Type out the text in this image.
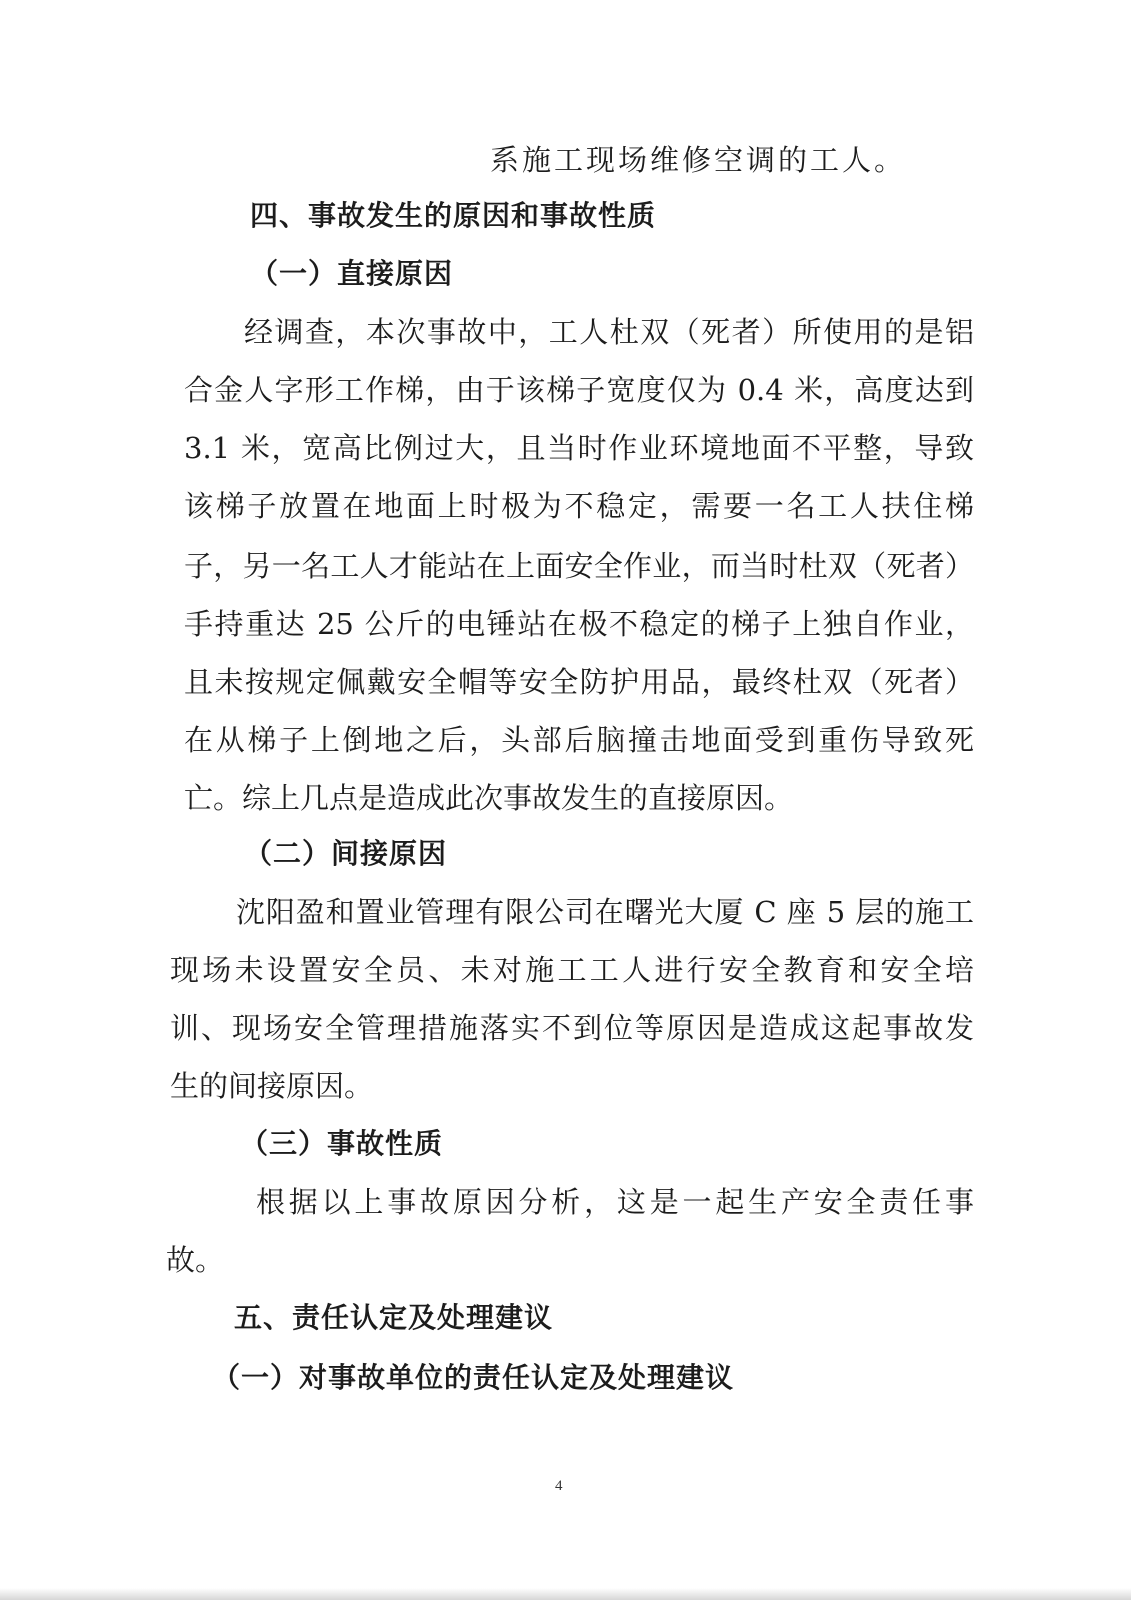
系施工现场维修空调的工人。
四、事故发生的原因和事故性质
（一）直接原因
经调查，本次事故中，工人杜双（死者）所使用的是铝
合金人字形工作梯，由于该梯子宽度仅为 0.4 米，高度达到
3.1 米，宽高比例过大，且当时作业环境地面不平整，导致
该梯子放置在地面上时极为不稳定，需要一名工人扶住梯
子，另一名工人才能站在上面安全作业，而当时杜双（死者）
手持重达 25 公斤的电锤站在极不稳定的梯子上独自作业，
且未按规定佩戴安全帽等安全防护用品，最终杜双（死者）
在从梯子上倒地之后，头部后脑撞击地面受到重伤导致死
亡。综上几点是造成此次事故发生的直接原因。
（二）间接原因
沈阳盈和置业管理有限公司在曙光大厦 C 座 5 层的施工
现场未设置安全员、未对施工工人进行安全教育和安全培
训、现场安全管理措施落实不到位等原因是造成这起事故发
生的间接原因。
（三）事故性质
根据以上事故原因分析，这是一起生产安全责任事
故。
五、责任认定及处理建议
（一）对事故单位的责任认定及处理建议
4
